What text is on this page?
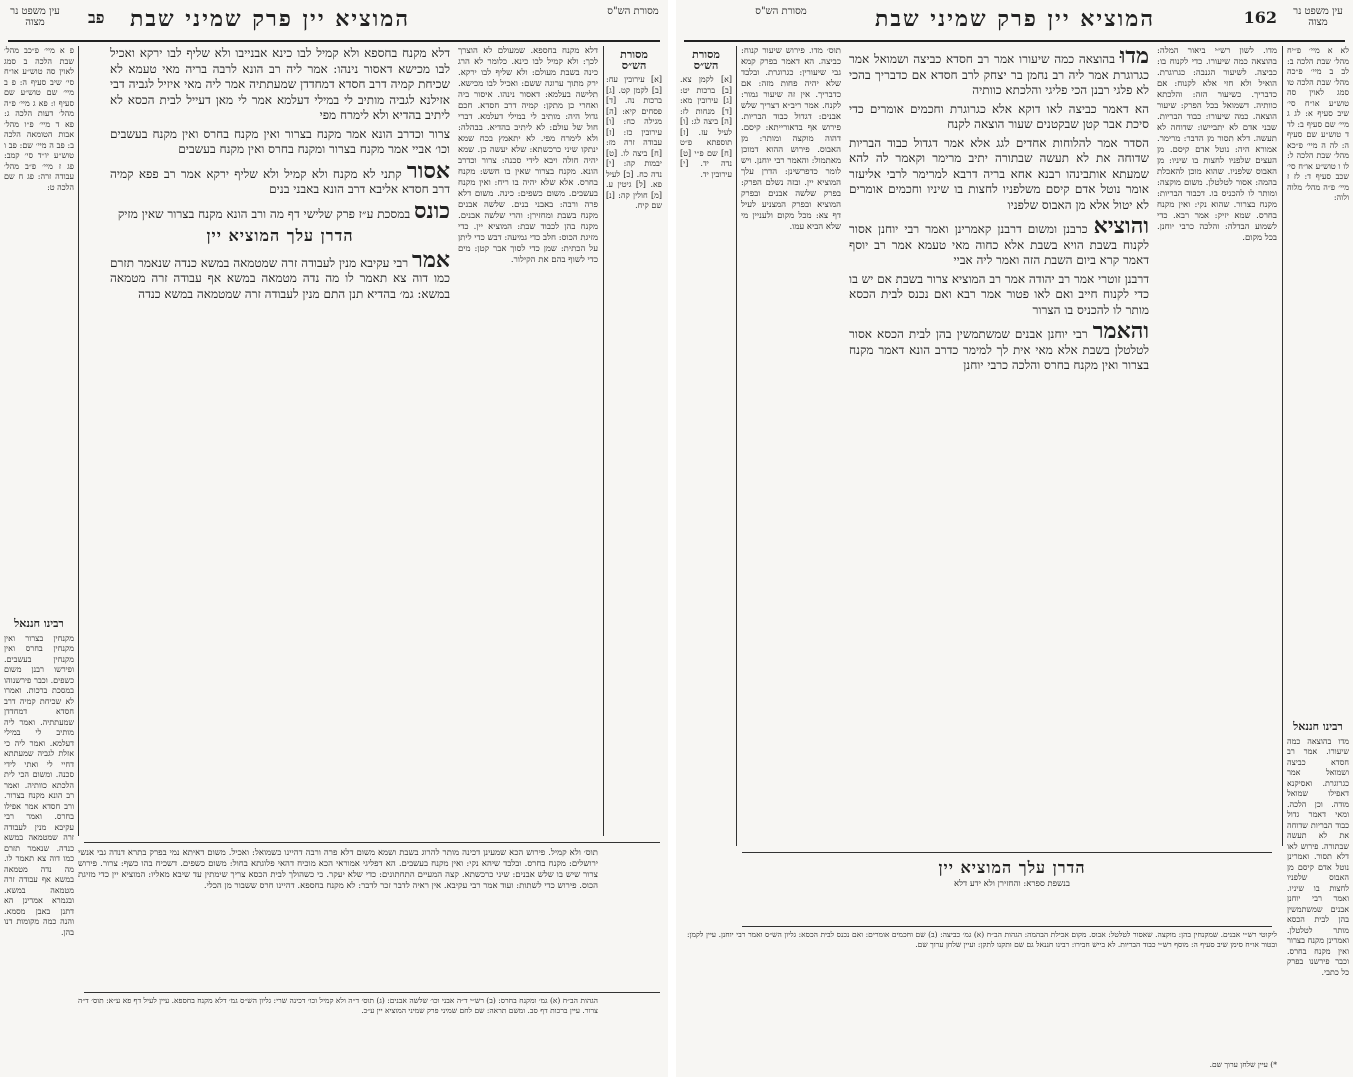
מסורת הש"ס
המוציא יין פרק שמיני שבת
פב
עין משפט נר מצוה
מסורת הש״ס

[א] עירובין עח: [ב] לקמן קט. [ג] ברכות נה. [ד] פסחים קיא: [ה] מגילה כח: [ו] עירובין כז: [ז] עבודה זרה מז: [ח] ביצה לו. [ט] יבמות קה: [י] נדה כח. [כ] לעיל פא. [ל] גיטין ע. [מ] חולין קה: [נ] שם קיח.

דלא מקנח בחספא. שמעולם לא הוצרך לכך: ולא קמיל לבו כינא. כלומר לא הרג כינה בשבת מעולם: ולא שליף לבו ירקא. ירק מתוך ערוגה ששם: ואכיל לבו מכישא. תלישה בעלמא: דאסור נינהו. איסור ביה ואחרי כן מתקן: קמיה דרב חסדא. חכם גדול היה: מותיב לי במילי דעלמא. דברי חול של עולם: לא ליתיב בהדיא. בבהלה: ולא לימרח מפי. לא יתאמץ בכח שמא ינתקו שיני כרכשתא: שלא יעשה כן. שמא יהיה חולה ויבא לידי סכנה: צרור וכדרב הונא. מקנח בצרור שאין בו חשש: מקנח בחרס. אלא שלא יהיה בו ריח: ואין מקנח בעשבים. משום כשפים: כינה. משום דלא פרה ורבה: באבני בנים. שלשה אבנים מקנח בשבת ומחזירן: והרי שלשה אבנים. מקנח בהן לכבוד שבת: המוציא יין. כדי מזיגת הכוס: חלב כדי גמיעה: דבש כדי ליתן על הכתית: שמן כדי לסוך אבר קטן: מים כדי לשוף בהם את הקילור.

דלא מקנח בחספא ולא קמיל לבו כינא אבנייבו ולא שליף לבו ירקא ואכיל לבו מכישא דאסור נינהו: אמר ליה רב הונא לרבה בריה מאי טעמא לא שכיחת קמיה דרב חסדא דמחדדן שמעתתיה אמר ליה מאי איזיל לגביה דבי אזילנא לגביה מותיב לי במילי דעלמא אמר לי מאן דעייל לבית הכסא לא ליתיב בהדיא ולא לימרח מפי

צרור וכדרב הונא אמר מקנח בצרור ואין מקנח בחרס ואין מקנח בעשבים וכו׳ אביי אמר מקנח בצרור ומקנח בחרס ואין מקנח בעשבים

אסור קתני לא מקנח ולא קמיל ולא שליף ירקא אמר רב פפא קמיה דרב חסדא אליבא דרב הונא באבני בנים

כונס במסכת ע״ז פרק שלישי דף מה ורב הונא מקנח בצרור שאין מזיק

הדרן עלך המוציא יין

אמר רבי עקיבא מנין לעבודה זרה שמטמאה במשא כנדה שנאמר תזרם כמו דוה צא תאמר לו מה נדה מטמאה במשא אף עבודה זרה מטמאה במשא: גמ׳ בהדיא תנן התם מנין לעבודה זרה שמטמאה במשא כנדה

פ א מיי׳ פ״כב מהל׳ שבת הלכה ב סמג לאוין סה טוש״ע או״ח סי׳ שיב סעיף ה: פ ב מיי׳ שם טוש״ע שם סעיף ו: פא ג מיי׳ פ״ה מהל׳ דעות הלכה ג: פא ד מיי׳ פ״ו מהל׳ אבות הטומאה הלכה ב: פב ה מיי׳ שם: פב ו טוש״ע יו״ד סי׳ קמב: פג ז מיי׳ פ״ב מהל׳ עבודה זרה: פג ח שם הלכה ט:

רבינו חננאל

מקנחין בצרור ואין מקנחין בחרס ואין מקנחין בעשבים. ופירשו רבנן משום כשפים. וכבר פירשנוהו במסכת ברכות. ואמרו לא שכיחת קמיה דרב חסדא דמחדדן שמעתתיה. ואמר ליה מותיב לי במילי דעלמא. ואמר ליה כי אזלת לגביה שמעתתא דחיי לי ואתי לידי סכנה. ומשום הכי לית הלכתא כוותיה. ואמר רב הונא מקנח בצרור. ורב חסדא אמר אפילו בחרס. ואמר רבי עקיבא מנין לעבודה זרה שמטמאה במשא כנדה. שנאמר תזרם כמו דוה צא תאמר לו. מה נדה מטמאה במשא אף עבודה זרה מטמאה במשא. ובגמרא אמרינן הא דתנן באבן מסמא. והנה כמה מקומות דנו בהן.

תוס׳ ולא קמיל. פירוש הכא שמעינן דכינה מותר להרוג בשבת ושמא משום דלא פרה ורבה דהיינו כשמואל: ואכיל. משום דאיתא נמי בפרק בתרא דנדה גבי אנשי ירושלים: מקנח בחרס. ובלבד שיהא נקי: ואין מקנח בעשבים. הא דפליגי אמוראי הכא מוכיח דהאי פלוגתא בחול: משום כשפים. דשכיח בהו כשף: צרור. פירוש צרור שיש בו שלש אבנים: שיני כרכשתא. קצה המעיים התחתונים: כדי שלא יעקר. כי כשהולך לבית הכסא צריך שימתין עד שיבא מאליו: המוציא יין כדי מזיגת הכוס. פירוש כדי לשתות: ועוד אמר רבי עקיבא. אין ראיה לדבר זכר לדבר: לא מקנח בחספא. דהיינו חרס ששבור מן הכלי.

הגהות הב״ח (א) גמ׳ ומקנח בחרס: (ב) רש״י ד״ה אבני וכו׳ שלשה אבנים: (ג) תוס׳ ד״ה ולא קמיל וכו׳ דכינה שרי: גליון הש״ס גמ׳ דלא מקנח בחספא. עיין לעיל דף פא ע״א: תוס׳ ד״ה צרור. עיין ברכות דף סב. ומשם תראה: שם לחם שמיני פרק שמיני המוציא יין ע״כ.

עין משפט נר מצוה
162
המוציא יין פרק שמיני שבת
מסורת הש"ס

לא א מיי׳ פ״יח מהל׳ שבת הלכה ב: לב ב מיי׳ פ״כה מהל׳ שבת הלכה טו סמג לאוין סה טוש״ע או״ח סי׳ שיב סעיף א: לג ג מיי׳ שם סעיף ב: לד ד טוש״ע שם סעיף ה: לה ה מיי׳ פ״כא מהל׳ שבת הלכה ל: לו ו טוש״ע או״ח סי׳ שכב סעיף ד: לז ז מיי׳ פ״ה מהל׳ מלוה ולוה:

רבינו חננאל

מדו בהוצאה כמה שיעורו. אמר רב חסדא כביצה ושמואל אמר כגרוגרת. ואסיקנא דאפילו שמואל מודה. וכן הלכה. ומאי דאמר גדול כבוד הבריות שדוחה את לא תעשה שבתורה. פירוש לאו דלא תסור. ואמרינן נוטל אדם קיסם מן האבוס שלפניו לחצות בו שיניו. ואמר רבי יוחנן אבנים שמשתמשין בהן לבית הכסא מותר לטלטלן. ואמרינן מקנח בצרור ואין מקנח בחרס. וכבר פירשנו בפרק כל כתבי.

מדו. לשון רש״י ביאור המלה: בהוצאה כמה שיעורו. כדי לקנוח בו: כביצה. לשיעור הגנבה: כגרוגרת. הואיל ולא חזי אלא לקנוח: אם כדבריך. כשיעור הזה: והלכתא כוותיה. דשמואל בכל הפרק: שיעור הוצאה. כמה שיעורו: כבוד הבריות. שבני אדם לא יתביישו: שדוחה לא תעשה. דלא תסור מן הדבר: מרימר. אמורא היה: נוטל אדם קיסם. מן העצים שלפניו לחצות בו שיניו: מן האבוס שלפניו. שהוא מוכן להאכלת בהמה: אסור לטלטלן. משום מוקצה: ומותר לו להכניס בו. דכבוד הבריות: מקנח בצרור. שהוא נקי: ואין מקנח בחרס. שמא יזיק: אמר רבא. כדי לשמוע הבדלה: והלכה כרבי יוחנן. בכל מקום.

מדוּ בהוצאה כמה שיעורו אמר רב חסדא כביצה ושמואל אמר כגרוגרת אמר ליה רב נחמן בר יצחק לרב חסדא אם כדבריך בהכי לא פלגי רבנן הכי פליגי והלכתא כוותיה

הא דאמר כביצה לאו דוקא אלא כגרוגרת וחכמים אומרים כדי סיכת אבר קטן שבקטנים שעור הוצאה לקנח

הסדר אמר להלוחות אחדים לגג אלא אמר דגדול כבוד הבריות שדוחה את לא תעשה שבתורה יתיב מרימר וקאמר לה להא שמעתא אותבינהו רבנא אחא בריה דרבא למרימר לרבי אליעזר אומר נוטל אדם קיסם משלפניו לחצות בו שיניו וחכמים אומרים לא יטול אלא מן האבוס שלפניו

והוציא כרבנן ומשום דרבנן קאמרינן ואמר רבי יוחנן אסור לקנוח בשבת הויא בשבת אלא כחוה מאי טעמא אמר רב יוסף דאמר קרא ביום השבת הזה ואמר ליה אביי

דרבנן זוטרי אמר רב יהודה אמר רב המוציא צרור בשבת אם יש בו כדי לקנוח חייב ואם לאו פטור אמר רבא ואם נכנס לבית הכסא מותר לו להכניס בו הצרור

והאמר רבי יוחנן אבנים שמשתמשין בהן לבית הכסא אסור לטלטלן בשבת אלא מאי אית לך למימר כדרב הונא דאמר מקנח בצרור ואין מקנח בחרס והלכה כרבי יוחנן

תוס׳ מדו. פירוש שיעור קנוח: כביצה. הא דאמר בפרק קמא גבי שיעורין: כגרוגרת. ובלבד שלא יהיה פחות מזה: אם כדבריך. אין זה שיעור גמור: לקנח. אמר ריב״א דצריך שלש אבנים: דגדול כבוד הבריות. פירוש אף בדאורייתא: קיסם. דהוה מוקצה ומותר: מן האבוס. פירוש ההוא דמוכן מאתמול: והאמר רבי יוחנן. ויש לומר כדפרשינן: הדרן עלך המוציא יין. ובזה נשלם הפרק: בפרק שלשה אבנים ובפרק המוציא ובפרק המצניע לעיל דף צא: מכל מקום ולעניין מי שלא הביא עמו.

מסורת הש״ס

[א] לקמן צא. [ב] ברכות יט: [ג] עירובין מא: [ד] מנחות לז: [ה] ביצה לג: [ו] לעיל עז. [ז] תוספתא פ״ט [ח] שם פ״י [ט] נדה יד. [י] עירובין יד.

הדרן עלך המוציא יין

בנשפת ספרא: והחזירן ולא ידע דלא

ליקוטי רש״י אבנים. שמקנחין בהן: מוקצה. שאסור לטלטל: אבוס. מקום אכילת הבהמה: הגהות הב״ח (א) גמ׳ כביצה: (ב) שם וחכמים אומרים: ואם נכנס לבית הכסא: גליון הש״ס ואמר רבי יוחנן. עיין לקמן: ובטור או״ח סימן שיב סעיף ה: מוסף רש״י כבוד הבריות. לא בייש חבירו: רבינו חננאל גם שם ותקנו לתקן: ועיין שלחן ערוך שם.

*) עיין שלחן ערוך שם.
